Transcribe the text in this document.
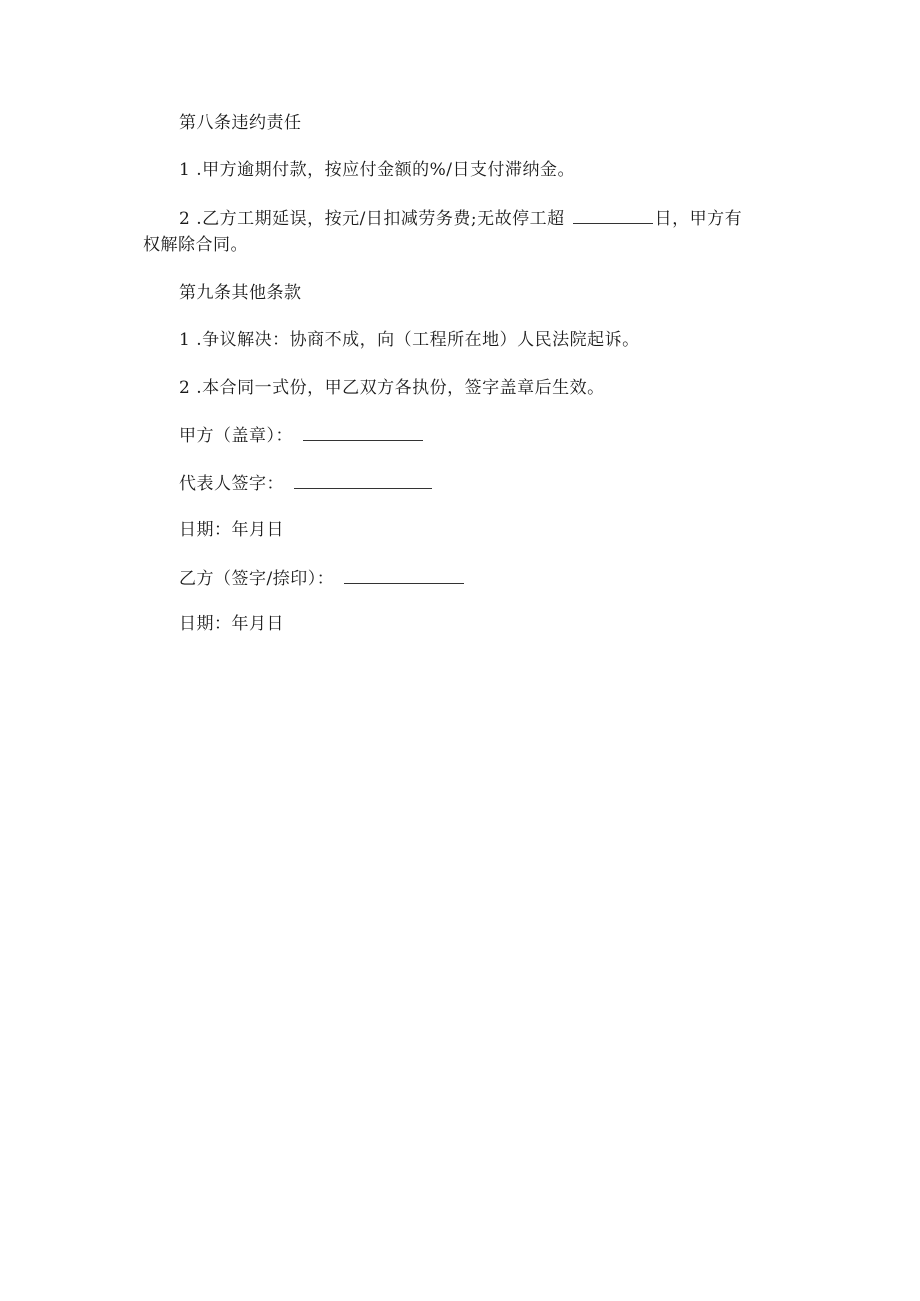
第八条违约责任
1 .甲方逾期付款，按应付金额的%/日支付滞纳金。
2 .乙方工期延误，按元/日扣减劳务费;无故停工超	日，甲方有
权解除合同。
第九条其他条款
1 .争议解决：协商不成，向（工程所在地）人民法院起诉。
2 .本合同一式份，甲乙双方各执份，签字盖章后生效。
甲方（盖章）：
代表人签字：
日期：年月日
乙方（签字/捺印）：
日期：年月日
